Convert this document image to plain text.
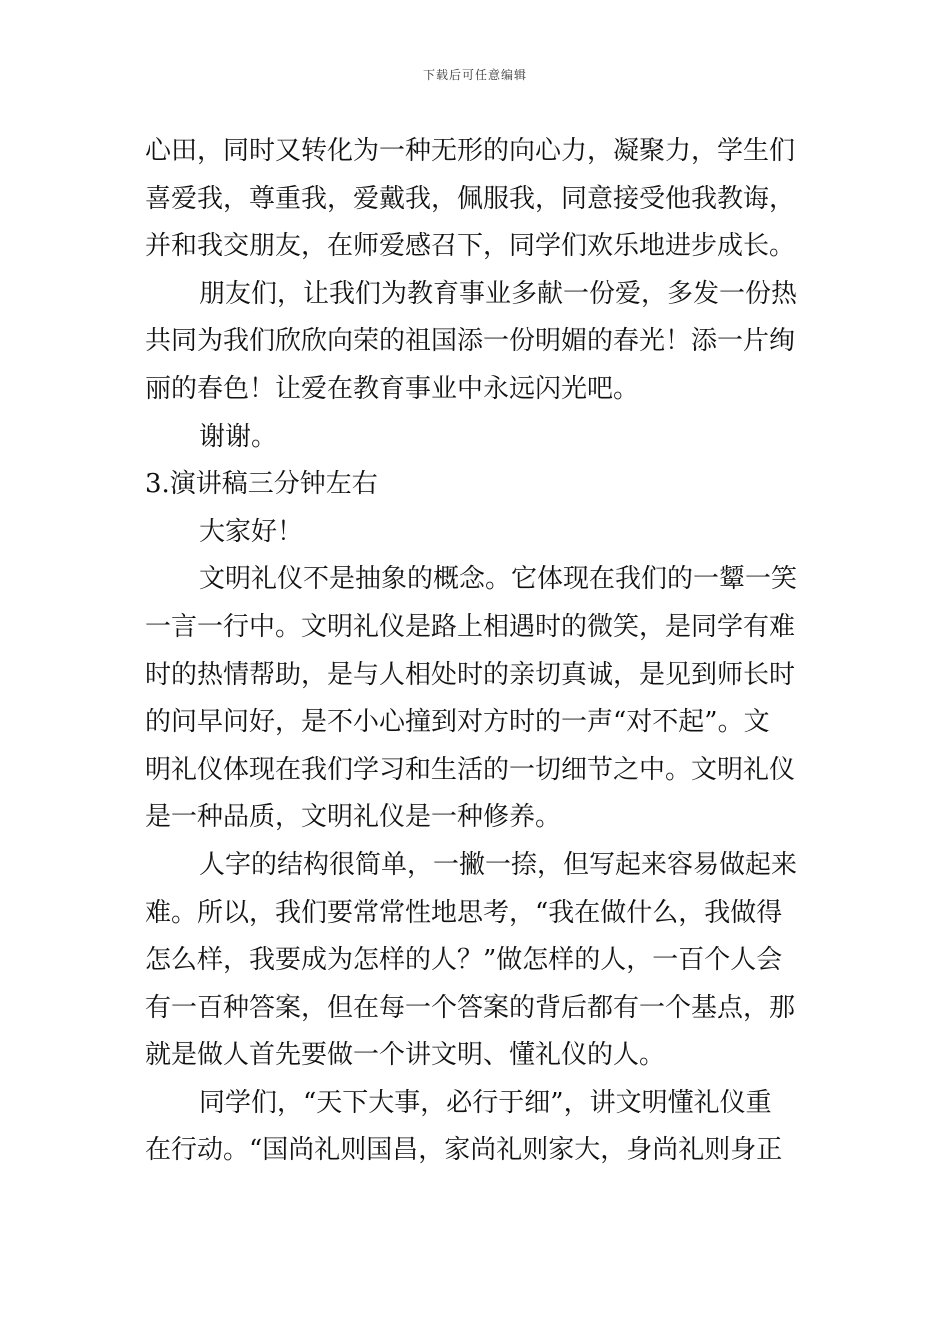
下载后可任意编辑
心田，同时又转化为一种无形的向心力，凝聚力，学生们
喜爱我，尊重我，爱戴我，佩服我，同意接受他我教诲，
并和我交朋友，在师爱感召下，同学们欢乐地进步成长。
朋友们，让我们为教育事业多献一份爱，多发一份热
共同为我们欣欣向荣的祖国添一份明媚的春光！添一片绚
丽的春色！让爱在教育事业中永远闪光吧。
谢谢。
3.演讲稿三分钟左右
大家好！
文明礼仪不是抽象的概念。它体现在我们的一颦一笑
一言一行中。文明礼仪是路上相遇时的微笑，是同学有难
时的热情帮助，是与人相处时的亲切真诚，是见到师长时
的问早问好，是不小心撞到对方时的一声“对不起”。文
明礼仪体现在我们学习和生活的一切细节之中。文明礼仪
是一种品质，文明礼仪是一种修养。
人字的结构很简单，一撇一捺，但写起来容易做起来
难。所以，我们要常常性地思考，“我在做什么，我做得
怎么样，我要成为怎样的人？”做怎样的人，一百个人会
有一百种答案，但在每一个答案的背后都有一个基点，那
就是做人首先要做一个讲文明、懂礼仪的人。
同学们，“天下大事，必行于细”，讲文明懂礼仪重
在行动。“国尚礼则国昌，家尚礼则家大，身尚礼则身正
